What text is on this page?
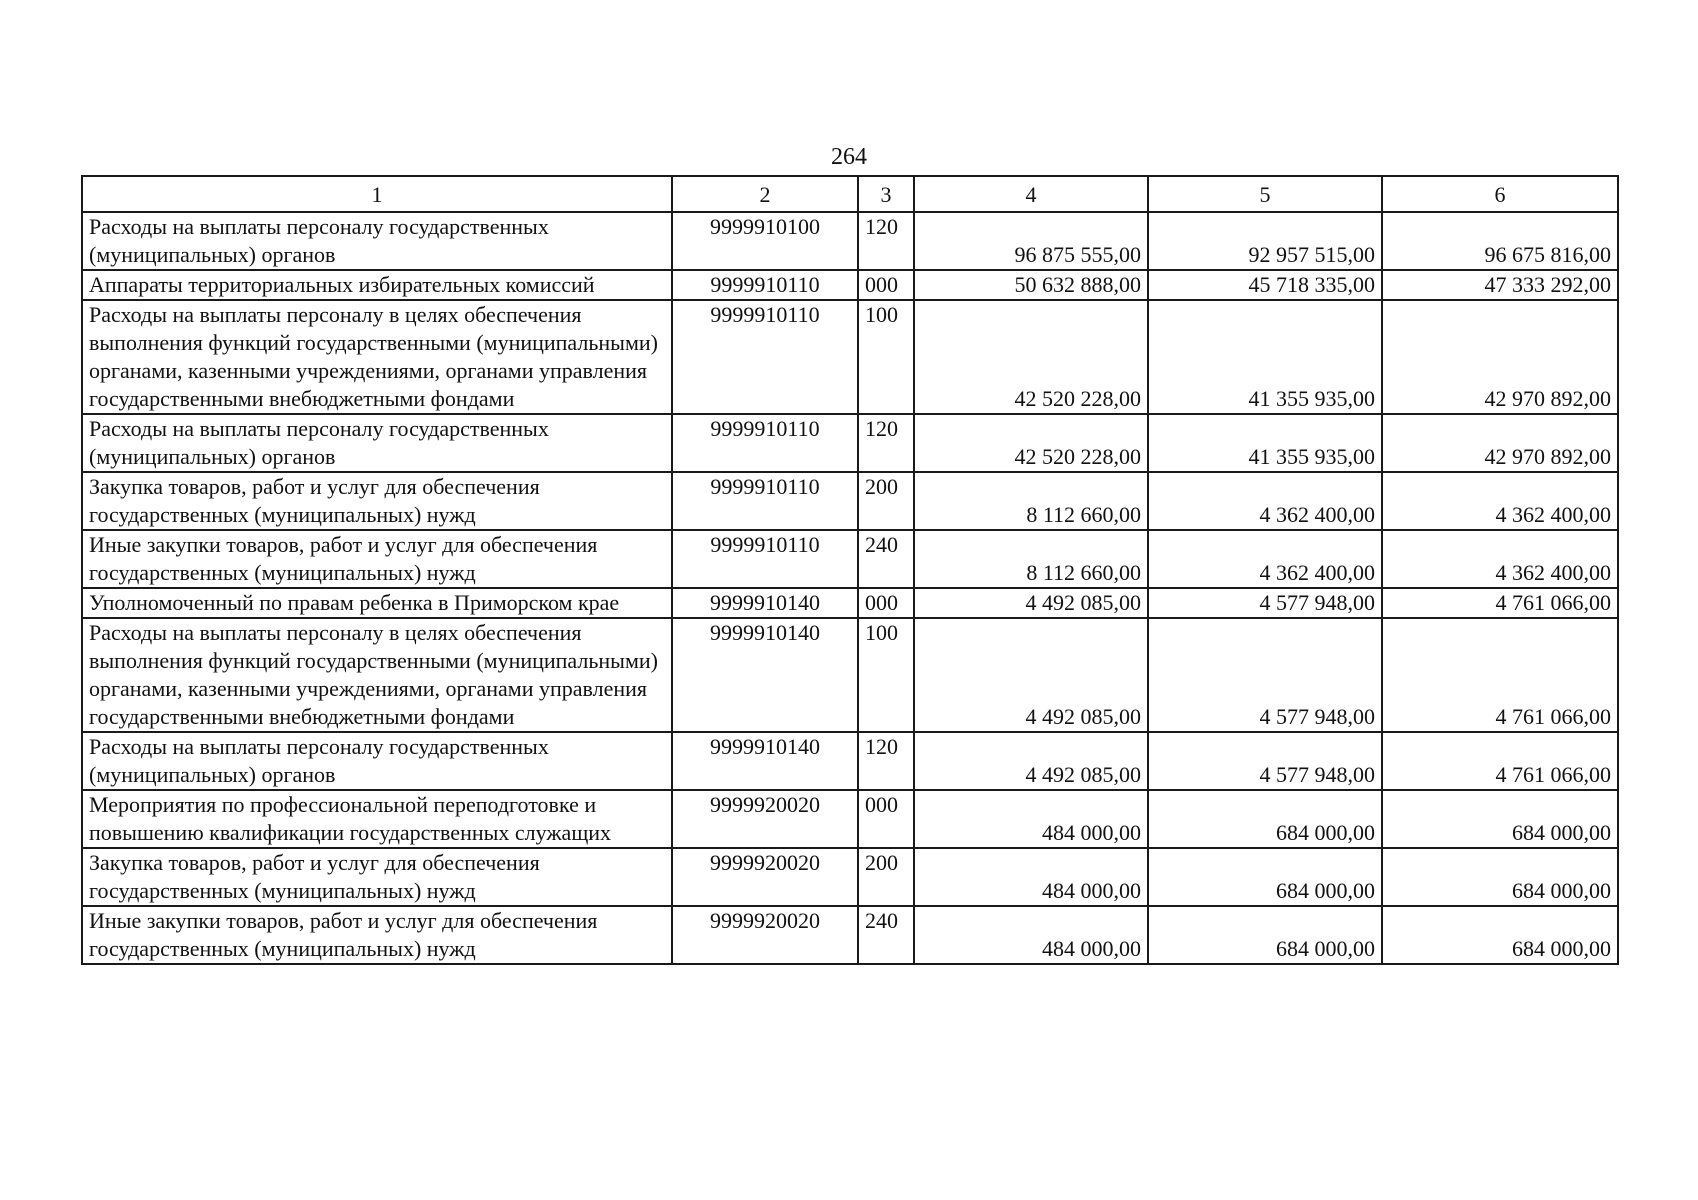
264
1	2	3	4	5	6
Расходы на выплаты персоналу государственных (муниципальных) органов	9999910100	120	96 875 555,00	92 957 515,00	96 675 816,00
Аппараты территориальных избирательных комиссий	9999910110	000	50 632 888,00	45 718 335,00	47 333 292,00
Расходы на выплаты персоналу в целях обеспечения выполнения функций государственными (муниципальными) органами, казенными учреждениями, органами управления государственными внебюджетными фондами	9999910110	100	42 520 228,00	41 355 935,00	42 970 892,00
Расходы на выплаты персоналу государственных (муниципальных) органов	9999910110	120	42 520 228,00	41 355 935,00	42 970 892,00
Закупка товаров, работ и услуг для обеспечения государственных (муниципальных) нужд	9999910110	200	8 112 660,00	4 362 400,00	4 362 400,00
Иные закупки товаров, работ и услуг для обеспечения государственных (муниципальных) нужд	9999910110	240	8 112 660,00	4 362 400,00	4 362 400,00
Уполномоченный по правам ребенка в Приморском крае	9999910140	000	4 492 085,00	4 577 948,00	4 761 066,00
Расходы на выплаты персоналу в целях обеспечения выполнения функций государственными (муниципальными) органами, казенными учреждениями, органами управления государственными внебюджетными фондами	9999910140	100	4 492 085,00	4 577 948,00	4 761 066,00
Расходы на выплаты персоналу государственных (муниципальных) органов	9999910140	120	4 492 085,00	4 577 948,00	4 761 066,00
Мероприятия по профессиональной переподготовке и повышению квалификации государственных служащих	9999920020	000	484 000,00	684 000,00	684 000,00
Закупка товаров, работ и услуг для обеспечения государственных (муниципальных) нужд	9999920020	200	484 000,00	684 000,00	684 000,00
Иные закупки товаров, работ и услуг для обеспечения государственных (муниципальных) нужд	9999920020	240	484 000,00	684 000,00	684 000,00
